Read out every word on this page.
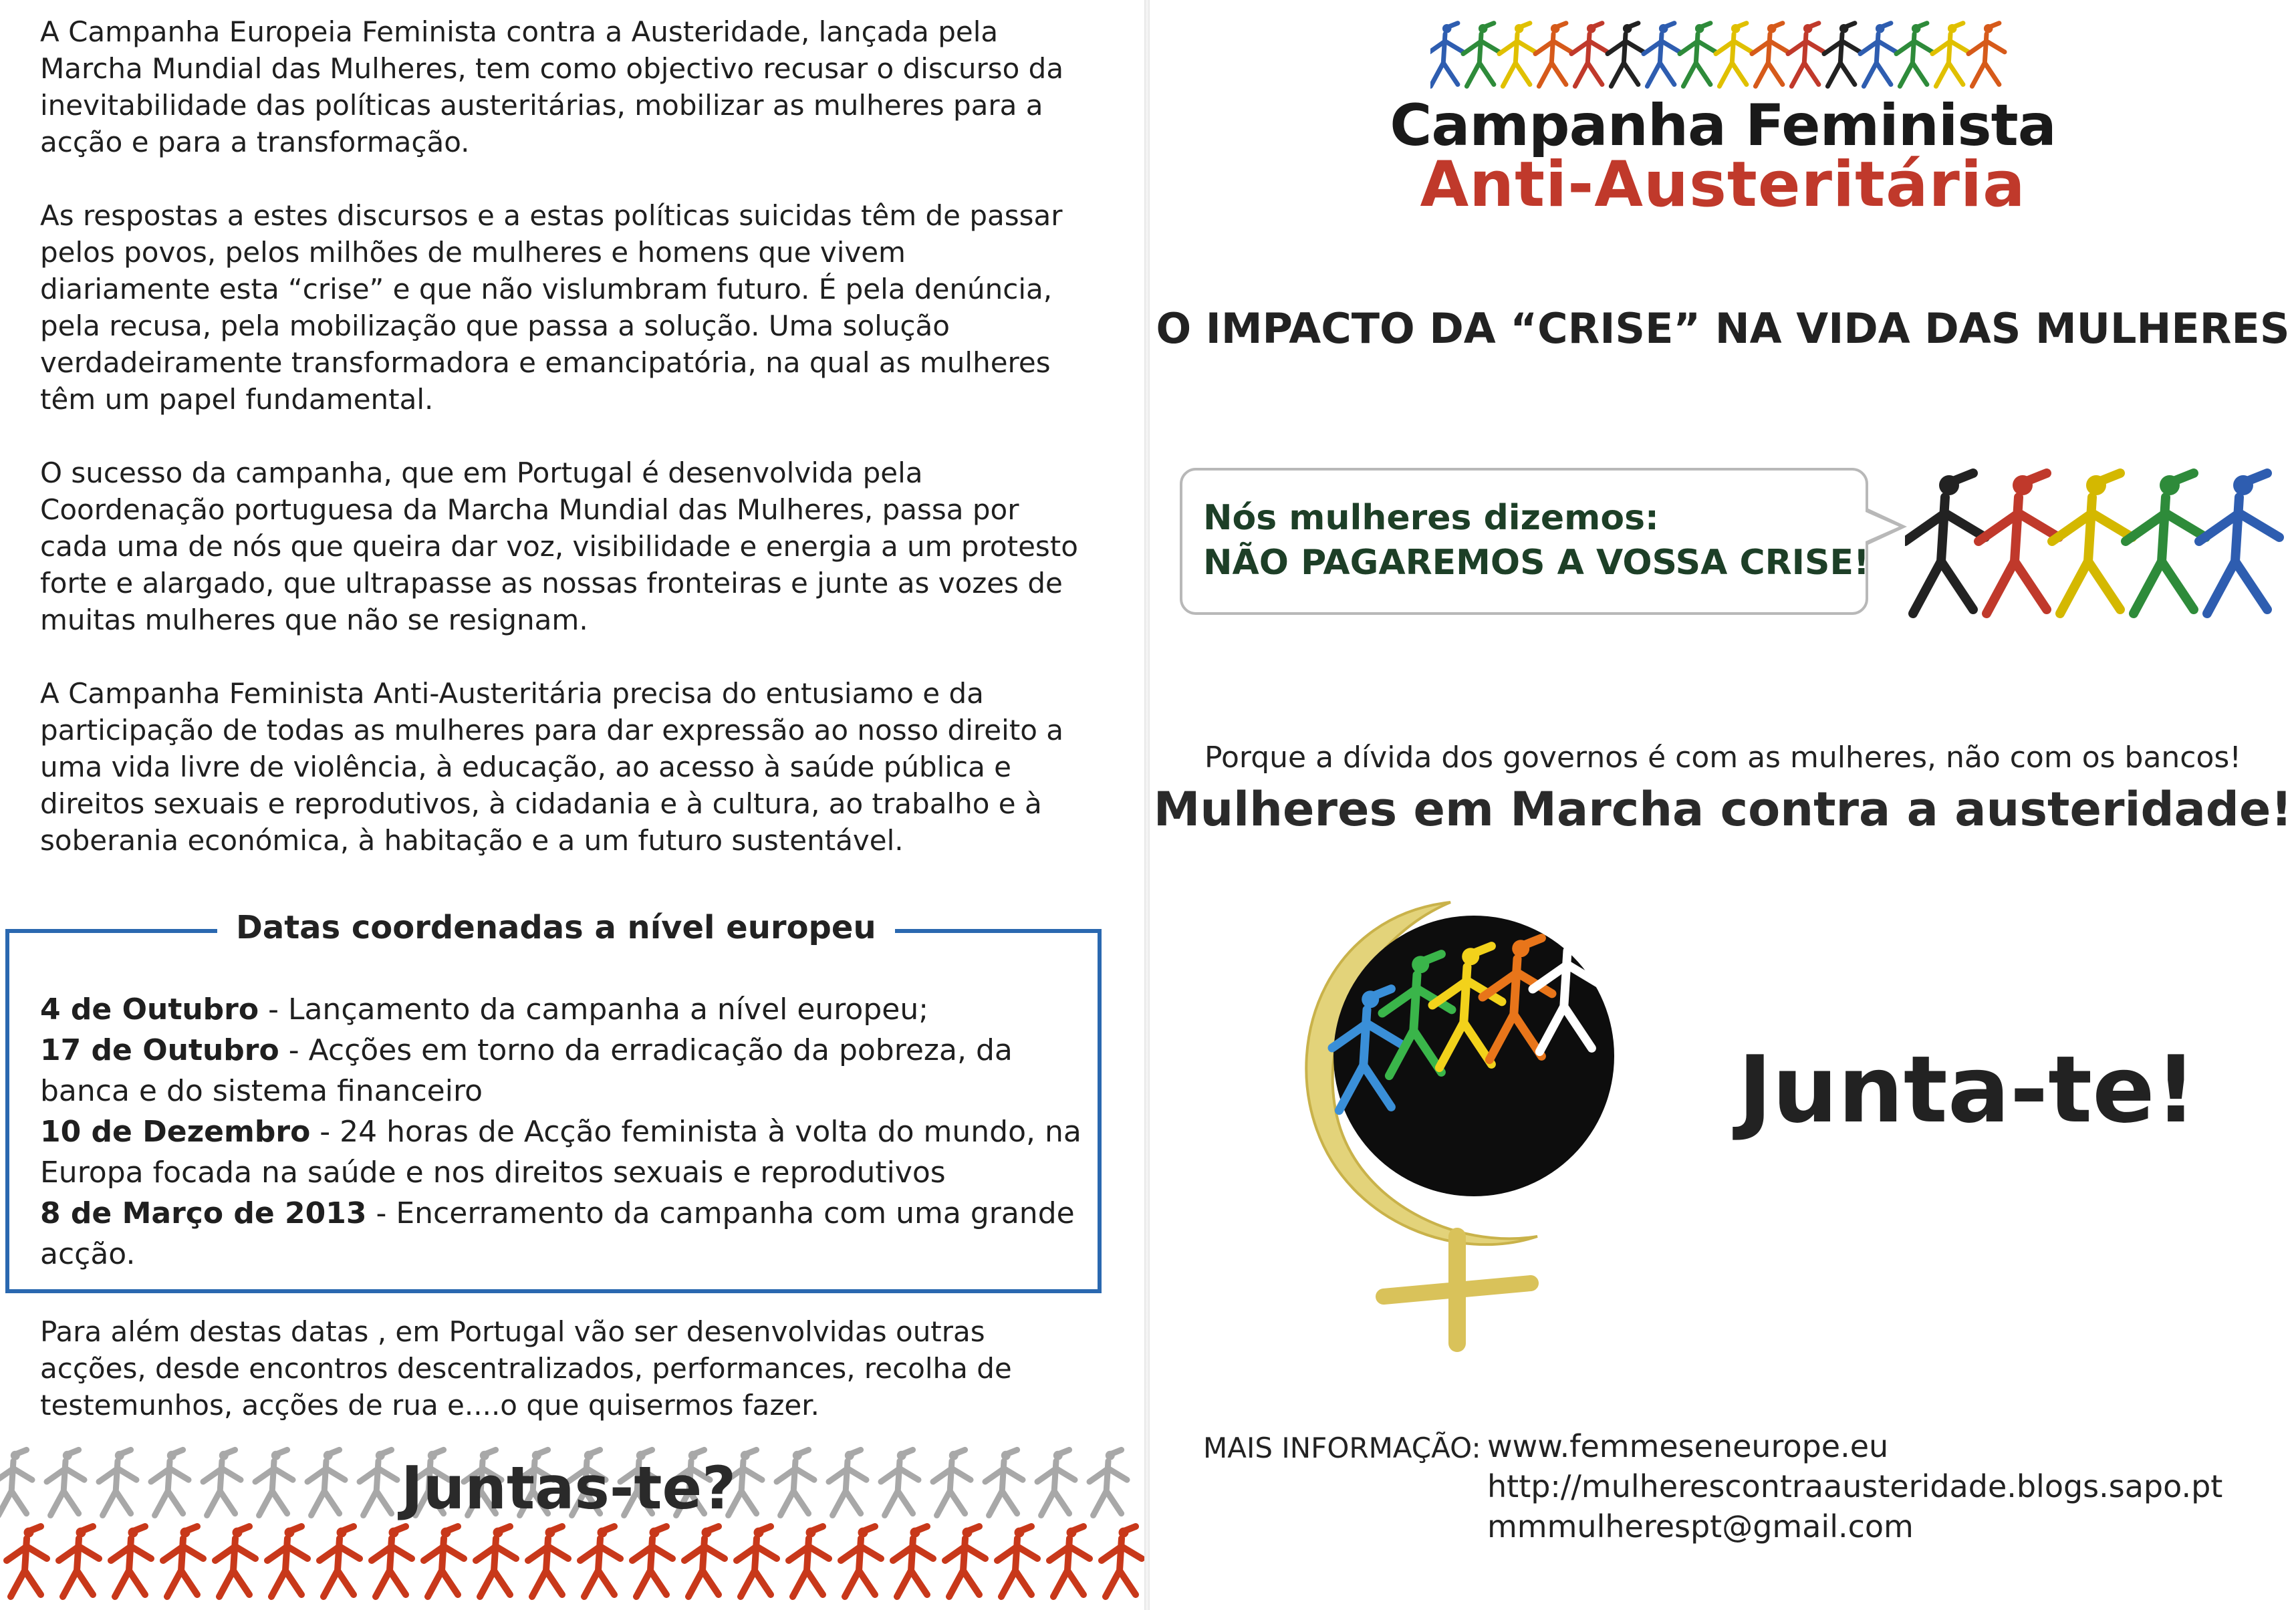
A Campanha Europeia Feminista contra a Austeridade, lançada pela Marcha Mundial das Mulheres, tem como objectivo recusar o discurso da inevitabilidade das políticas austeritárias, mobilizar as mulheres para a acção e para a transformação.

As respostas a estes discursos e a estas políticas suicidas têm de passar pelos povos, pelos milhões de mulheres e homens que vivem diariamente esta “crise” e que não vislumbram futuro. É pela denúncia, pela recusa, pela mobilização que passa a solução. Uma solução verdadeiramente transformadora e emancipatória, na qual as mulheres têm um papel fundamental.

O sucesso da campanha, que em Portugal é desenvolvida pela Coordenação portuguesa da Marcha Mundial das Mulheres, passa por cada uma de nós que queira dar voz, visibilidade e energia a um protesto forte e alargado, que ultrapasse as nossas fronteiras e junte as vozes de muitas mulheres que não se resignam.

A Campanha Feminista Anti-Austeritária precisa do entusiamo e da participação de todas as mulheres para dar expressão ao nosso direito a uma vida livre de violência, à educação, ao acesso à saúde pública e direitos sexuais e reprodutivos, à cidadania e à cultura, ao trabalho e à soberania económica, à habitação e a um futuro sustentável.

Datas coordenadas a nível europeu

4 de Outubro - Lançamento da campanha a nível europeu;
17 de Outubro - Acções em torno da erradicação da pobreza, da banca e do sistema financeiro
10 de Dezembro - 24 horas de Acção feminista à volta do mundo, na Europa focada na saúde e nos direitos sexuais e reprodutivos
8 de Março de 2013 - Encerramento da campanha com uma grande acção.

Para além destas datas , em Portugal vão ser desenvolvidas outras acções, desde encontros descentralizados, performances, recolha de testemunhos, acções de rua e....o que quisermos fazer.

Juntas-te?

Campanha Feminista

Anti-Austeritária

O IMPACTO DA “CRISE” NA VIDA DAS MULHERES

Nós mulheres dizemos:

NÃO PAGAREMOS A VOSSA CRISE!

Porque a dívida dos governos é com as mulheres, não com os bancos!

Mulheres em Marcha contra a austeridade!

Junta-te!

MAIS INFORMAÇÃO: www.femmeseneurope.eu

http://mulherescontraausteridade.blogs.sapo.pt

mmmulherespt@gmail.com
